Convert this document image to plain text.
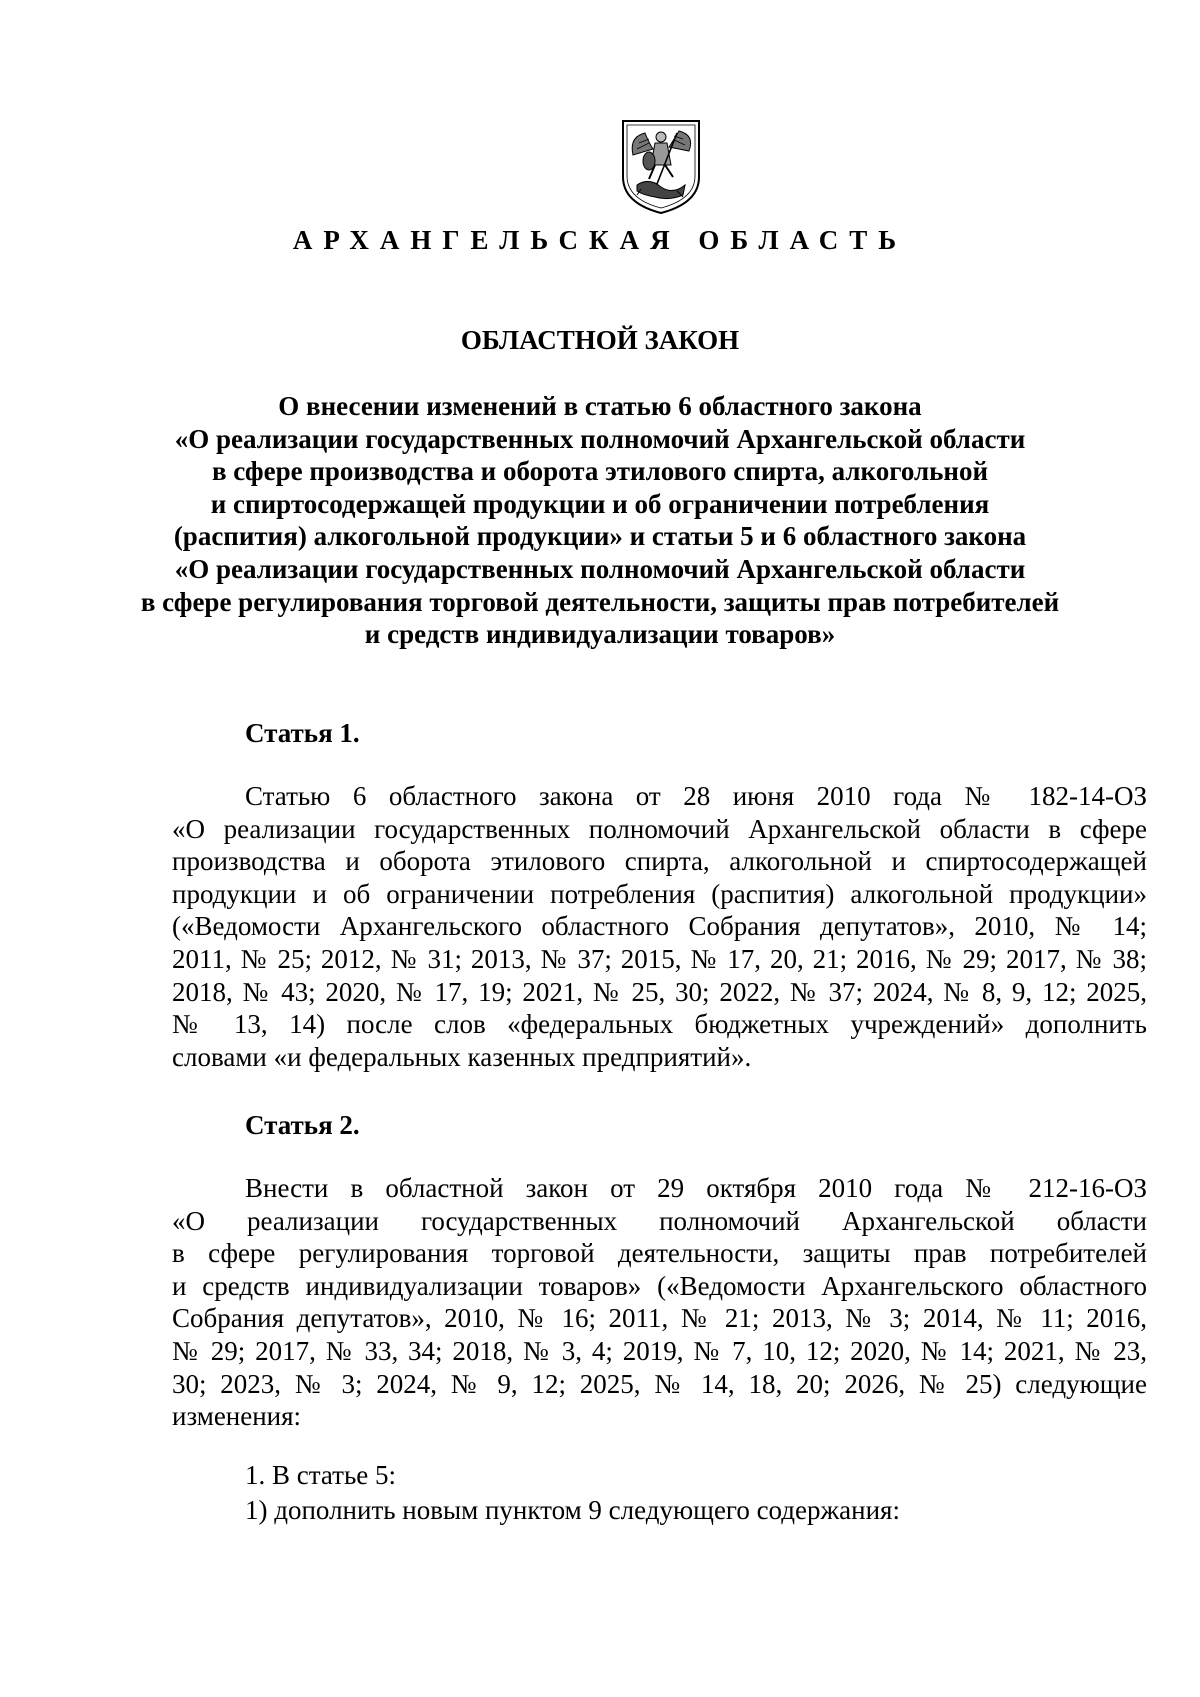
АРХАНГЕЛЬСКАЯ ОБЛАСТЬ
ОБЛАСТНОЙ ЗАКОН
О внесении изменений в статью 6 областного закона
«О реализации государственных полномочий Архангельской области
в сфере производства и оборота этилового спирта, алкогольной
и спиртосодержащей продукции и об ограничении потребления
(распития) алкогольной продукции» и статьи 5 и 6 областного закона
«О реализации государственных полномочий Архангельской области
в сфере регулирования торговой деятельности, защиты прав потребителей
и средств индивидуализации товаров»
Статья 1.
Статью 6 областного закона от 28 июня 2010 года № 182-14-ОЗ
«О реализации государственных полномочий Архангельской области в сфере
производства и оборота этилового спирта, алкогольной и спиртосодержащей
продукции и об ограничении потребления (распития) алкогольной продукции»
(«Ведомости Архангельского областного Собрания депутатов», 2010, № 14;
2011, № 25; 2012, № 31; 2013, № 37; 2015, № 17, 20, 21; 2016, № 29; 2017, № 38;
2018, № 43; 2020, № 17, 19; 2021, № 25, 30; 2022, № 37; 2024, № 8, 9, 12; 2025,
№ 13, 14) после слов «федеральных бюджетных учреждений» дополнить
словами «и федеральных казенных предприятий».
Статья 2.
Внести в областной закон от 29 октября 2010 года № 212-16-ОЗ
«О реализации государственных полномочий Архангельской области
в сфере регулирования торговой деятельности, защиты прав потребителей
и средств индивидуализации товаров» («Ведомости Архангельского областного
Собрания депутатов», 2010, № 16; 2011, № 21; 2013, № 3; 2014, № 11; 2016,
№ 29; 2017, № 33, 34; 2018, № 3, 4; 2019, № 7, 10, 12; 2020, № 14; 2021, № 23,
30; 2023, № 3; 2024, № 9, 12; 2025, № 14, 18, 20; 2026, № 25) следующие
изменения:
1. В статье 5:
1) дополнить новым пунктом 9 следующего содержания:
